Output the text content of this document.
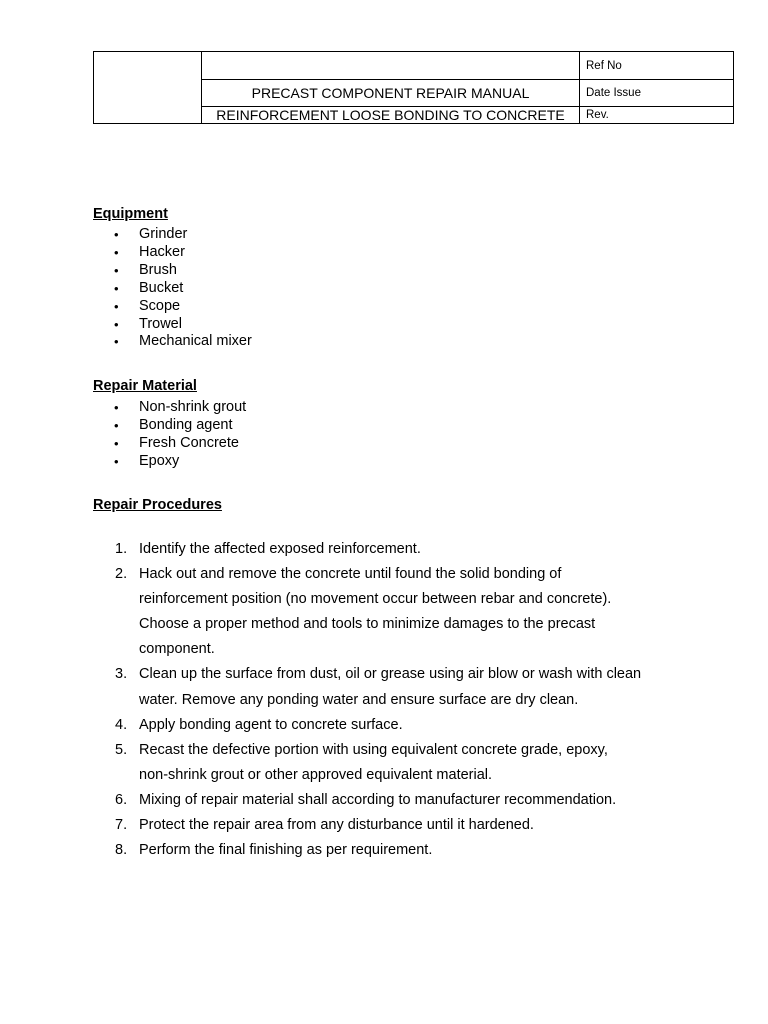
		Ref No
	PRECAST COMPONENT REPAIR MANUAL	Date Issue
	REINFORCEMENT LOOSE BONDING TO CONCRETE	Rev.
Equipment
• Grinder
• Hacker
• Brush
• Bucket
• Scope
• Trowel
• Mechanical mixer
Repair Material
• Non-shrink grout
• Bonding agent
• Fresh Concrete
• Epoxy
Repair Procedures
1. Identify the affected exposed reinforcement.
2. Hack out and remove the concrete until found the solid bonding of
reinforcement position (no movement occur between rebar and concrete).
Choose a proper method and tools to minimize damages to the precast
component.
3. Clean up the surface from dust, oil or grease using air blow or wash with clean
water. Remove any ponding water and ensure surface are dry clean.
4. Apply bonding agent to concrete surface.
5. Recast the defective portion with using equivalent concrete grade, epoxy,
non-shrink grout or other approved equivalent material.
6. Mixing of repair material shall according to manufacturer recommendation.
7. Protect the repair area from any disturbance until it hardened.
8. Perform the final finishing as per requirement.
